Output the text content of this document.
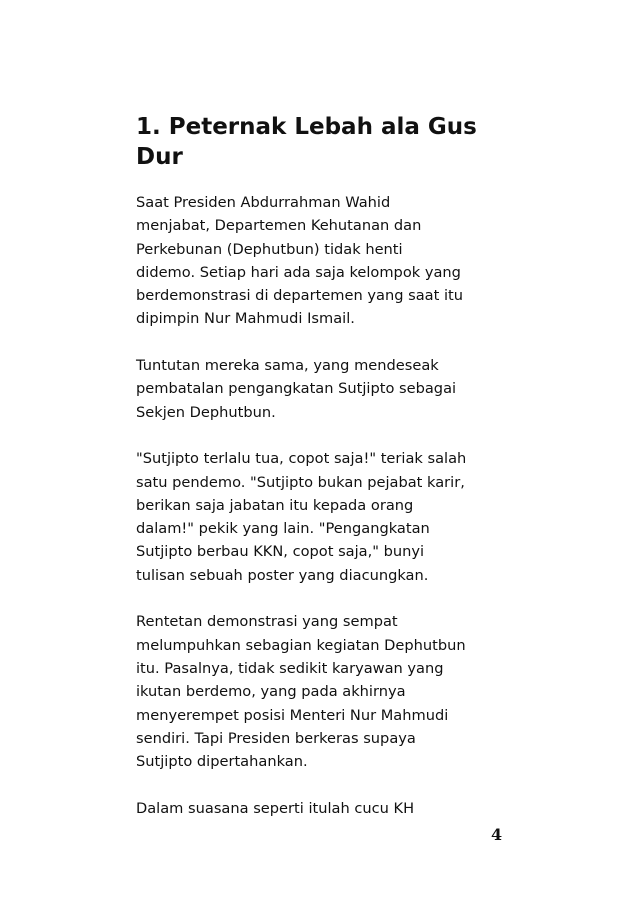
1. Peternak Lebah ala Gus
Dur

Saat Presiden Abdurrahman Wahid
menjabat, Departemen Kehutanan dan
Perkebunan (Dephutbun) tidak henti
didemo. Setiap hari ada saja kelompok yang
berdemonstrasi di departemen yang saat itu
dipimpin Nur Mahmudi Ismail.

Tuntutan mereka sama, yang mendeseak
pembatalan pengangkatan Sutjipto sebagai
Sekjen Dephutbun.

"Sutjipto terlalu tua, copot saja!" teriak salah
satu pendemo. "Sutjipto bukan pejabat karir,
berikan saja jabatan itu kepada orang
dalam!" pekik yang lain. "Pengangkatan
Sutjipto berbau KKN, copot saja," bunyi
tulisan sebuah poster yang diacungkan.

Rentetan demonstrasi yang sempat
melumpuhkan sebagian kegiatan Dephutbun
itu. Pasalnya, tidak sedikit karyawan yang
ikutan berdemo, yang pada akhirnya
menyerempet posisi Menteri Nur Mahmudi
sendiri. Tapi Presiden berkeras supaya
Sutjipto dipertahankan.

Dalam suasana seperti itulah cucu KH

4
